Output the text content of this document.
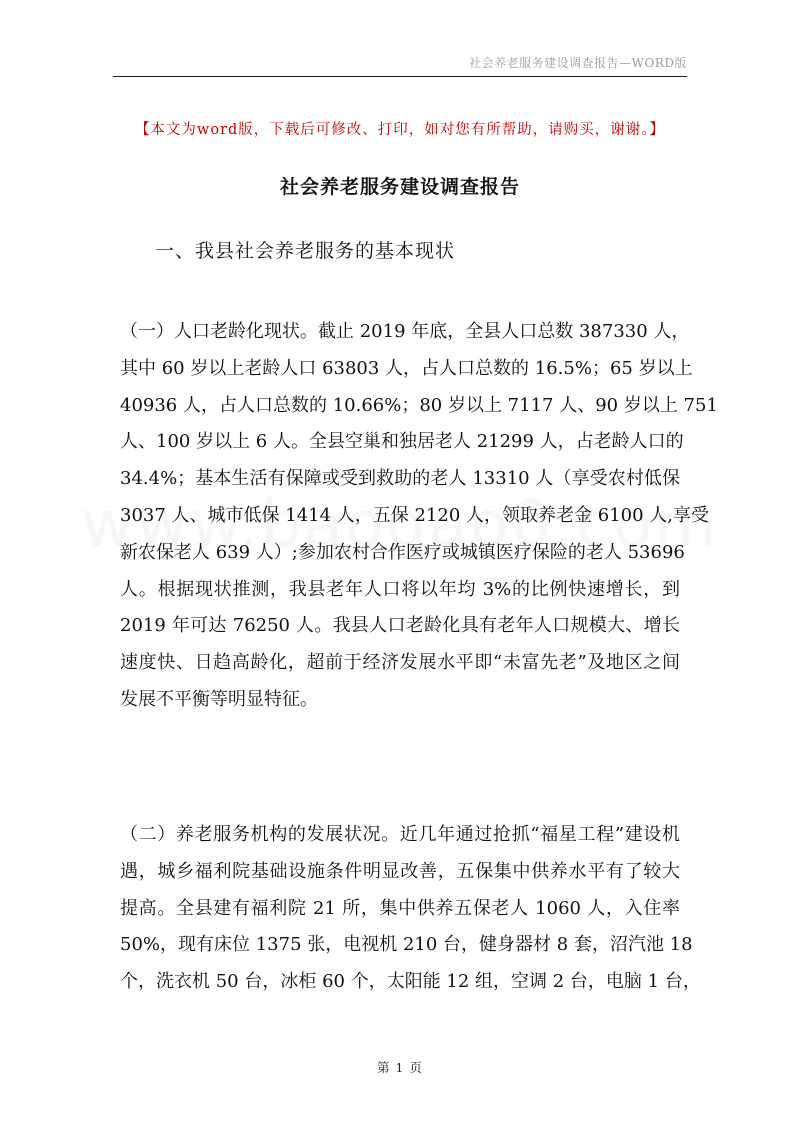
社会养老服务建设调查报告—WORD版
【本文为word版，下载后可修改、打印，如对您有所帮助，请购买，谢谢。】
社会养老服务建设调查报告
一、我县社会养老服务的基本现状
（一）人口老龄化现状。截止 2019 年底，全县人口总数 387330 人，
其中 60 岁以上老龄人口 63803 人，占人口总数的 16.5%；65 岁以上
40936 人，占人口总数的 10.66%；80 岁以上 7117 人、90 岁以上 751
人、100 岁以上 6 人。全县空巢和独居老人 21299 人，占老龄人口的
34.4%；基本生活有保障或受到救助的老人 13310 人（享受农村低保
3037 人、城市低保 1414 人，五保 2120 人，领取养老金 6100 人,享受
新农保老人 639 人）;参加农村合作医疗或城镇医疗保险的老人 53696
人。根据现状推测，我县老年人口将以年均 3%的比例快速增长，到
2019 年可达 76250 人。我县人口老龄化具有老年人口规模大、增长
速度快、日趋高龄化，超前于经济发展水平即“未富先老”及地区之间
发展不平衡等明显特征。
（二）养老服务机构的发展状况。近几年通过抢抓“福星工程”建设机
遇，城乡福利院基础设施条件明显改善，五保集中供养水平有了较大
提高。全县建有福利院 21 所，集中供养五保老人 1060 人，入住率
50%，现有床位 1375 张，电视机 210 台，健身器材 8 套，沼汽池 18
个，洗衣机 50 台，冰柜 60 个，太阳能 12 组，空调 2 台，电脑 1 台，
第 1 页
